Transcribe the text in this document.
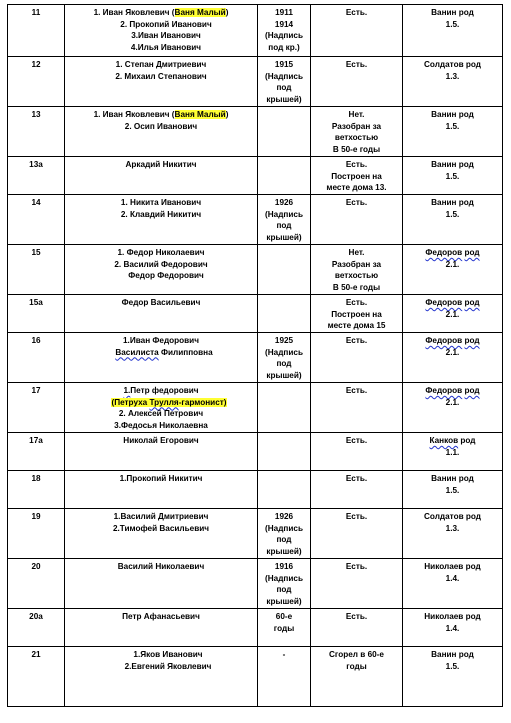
11	1. Иван Яковлевич (Ваня Малый)
2. Прокопий Иванович
3.Иван Иванович
4.Илья Иванович	1911
1914
(Надпись
под кр.)	Есть.	Ванин род
1.5.

12	1. Степан Дмитриевич
2. Михаил Степанович	1915
(Надпись
под
крышей)	Есть.	Солдатов род
1.3.

13	1. Иван Яковлевич (Ваня Малый)
2. Осип Иванович		Нет.
Разобран за
ветхостью
В 50-е годы	Ванин род
1.5.

13а	Аркадий Никитич		Есть.
Построен на
месте дома 13.	Ванин род
1.5.

14	1. Никита Иванович
2. Клавдий Никитич	1926
(Надпись
под
крышей)	Есть.	Ванин род
1.5.

15	1. Федор Николаевич
2. Василий Федорович
Федор Федорович		Нет.
Разобран за
ветхостью
В 50-е годы	Федоров род
2.1.

15а	Федор Васильевич		Есть.
Построен на
месте дома 15	Федоров род
2.1.

16	1.Иван Федорович
Василиста Филипповна	1925
(Надпись
под
крышей)	Есть.	Федоров род
2.1.

17	1.Петр федорович
(Петруха Трулля-гармонист)
2. Алексей Петрович
3.Федосья Николаевна		Есть.	Федоров род
2.1.

17а	Николай Егорович		Есть.	Канков род
1.1.

18	1.Прокопий Никитич		Есть.	Ванин род
1.5.

19	1.Василий Дмитриевич
2.Тимофей Васильевич	1926
(Надпись
под
крышей)	Есть.	Солдатов род
1.3.

20	Василий Николаевич	1916
(Надпись
под
крышей)	Есть.	Николаев род
1.4.

20а	Петр Афанасьевич	60-е
годы	Есть.	Николаев род
1.4.

21	1.Яков Иванович
2.Евгений Яковлевич	-	Сгорел в 60-е
годы	Ванин род
1.5.
